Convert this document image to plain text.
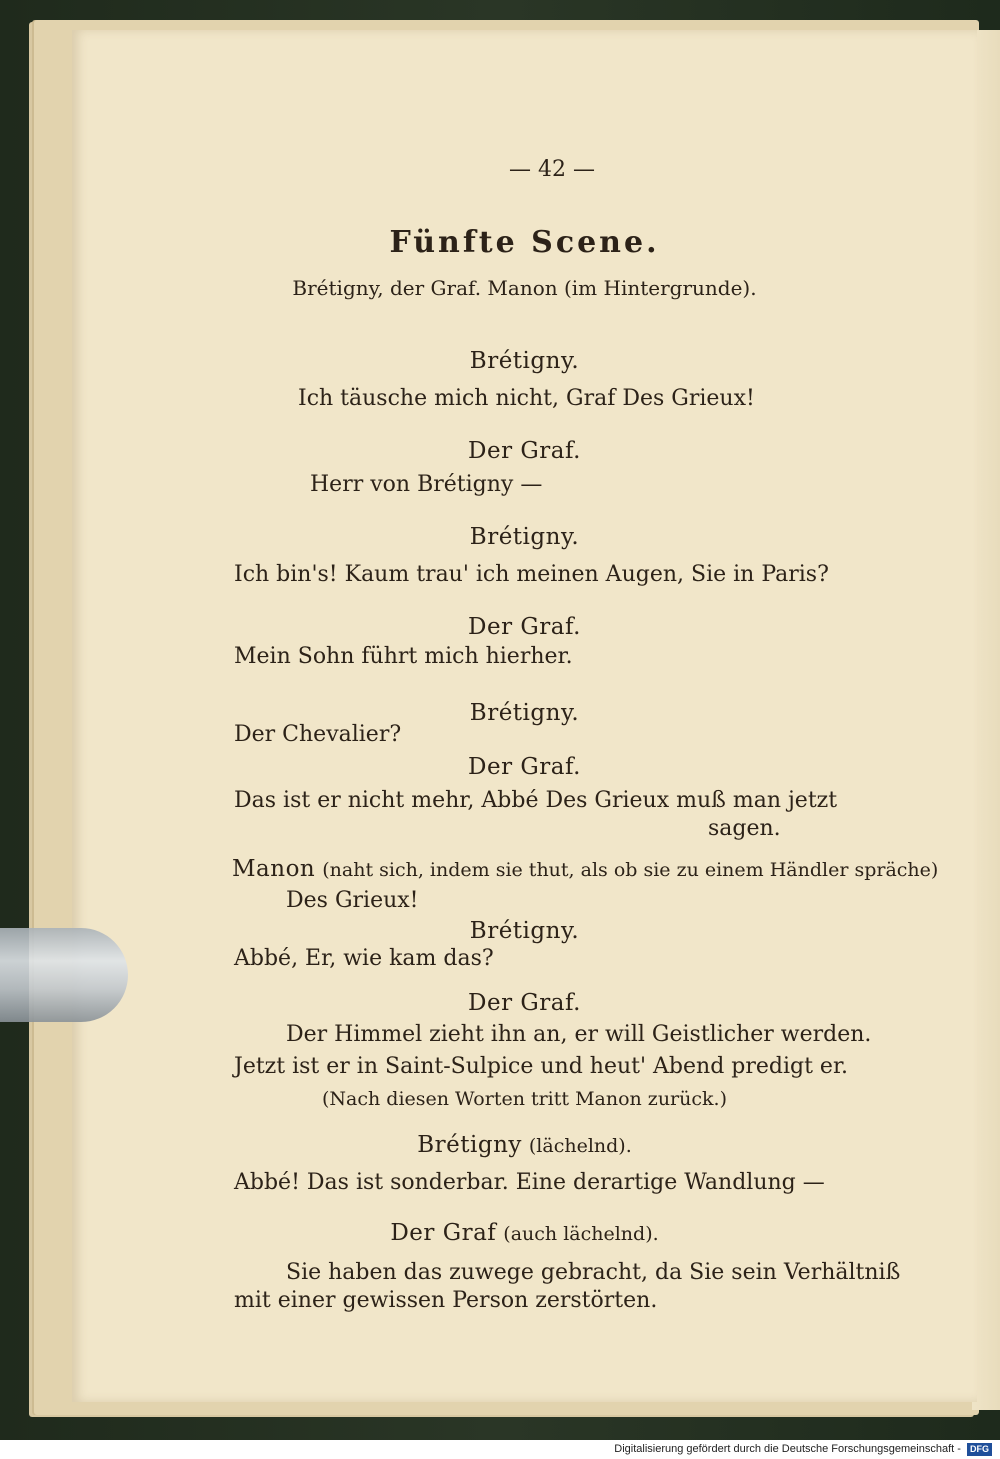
— 42 —
Fünfte Scene.
Brétigny, der Graf. Manon (im Hintergrunde).
Brétigny.
Ich täusche mich nicht, Graf Des Grieux!
Der Graf.
Herr von Brétigny —
Brétigny.
Ich bin's! Kaum trau' ich meinen Augen, Sie in Paris?
Der Graf.
Mein Sohn führt mich hierher.
Brétigny.
Der Chevalier?
Der Graf.
Das ist er nicht mehr, Abbé Des Grieux muß man jetzt
sagen.
Manon (naht sich, indem sie thut, als ob sie zu einem Händler spräche)
Des Grieux!
Brétigny.
Abbé, Er, wie kam das?
Der Graf.
Der Himmel zieht ihn an, er will Geistlicher werden.
Jetzt ist er in Saint-Sulpice und heut' Abend predigt er.
(Nach diesen Worten tritt Manon zurück.)
Brétigny (lächelnd).
Abbé! Das ist sonderbar. Eine derartige Wandlung —
Der Graf (auch lächelnd).
Sie haben das zuwege gebracht, da Sie sein Verhältniß
mit einer gewissen Person zerstörten.
Digitalisierung gefördert durch die Deutsche Forschungsgemeinschaft - DFG
